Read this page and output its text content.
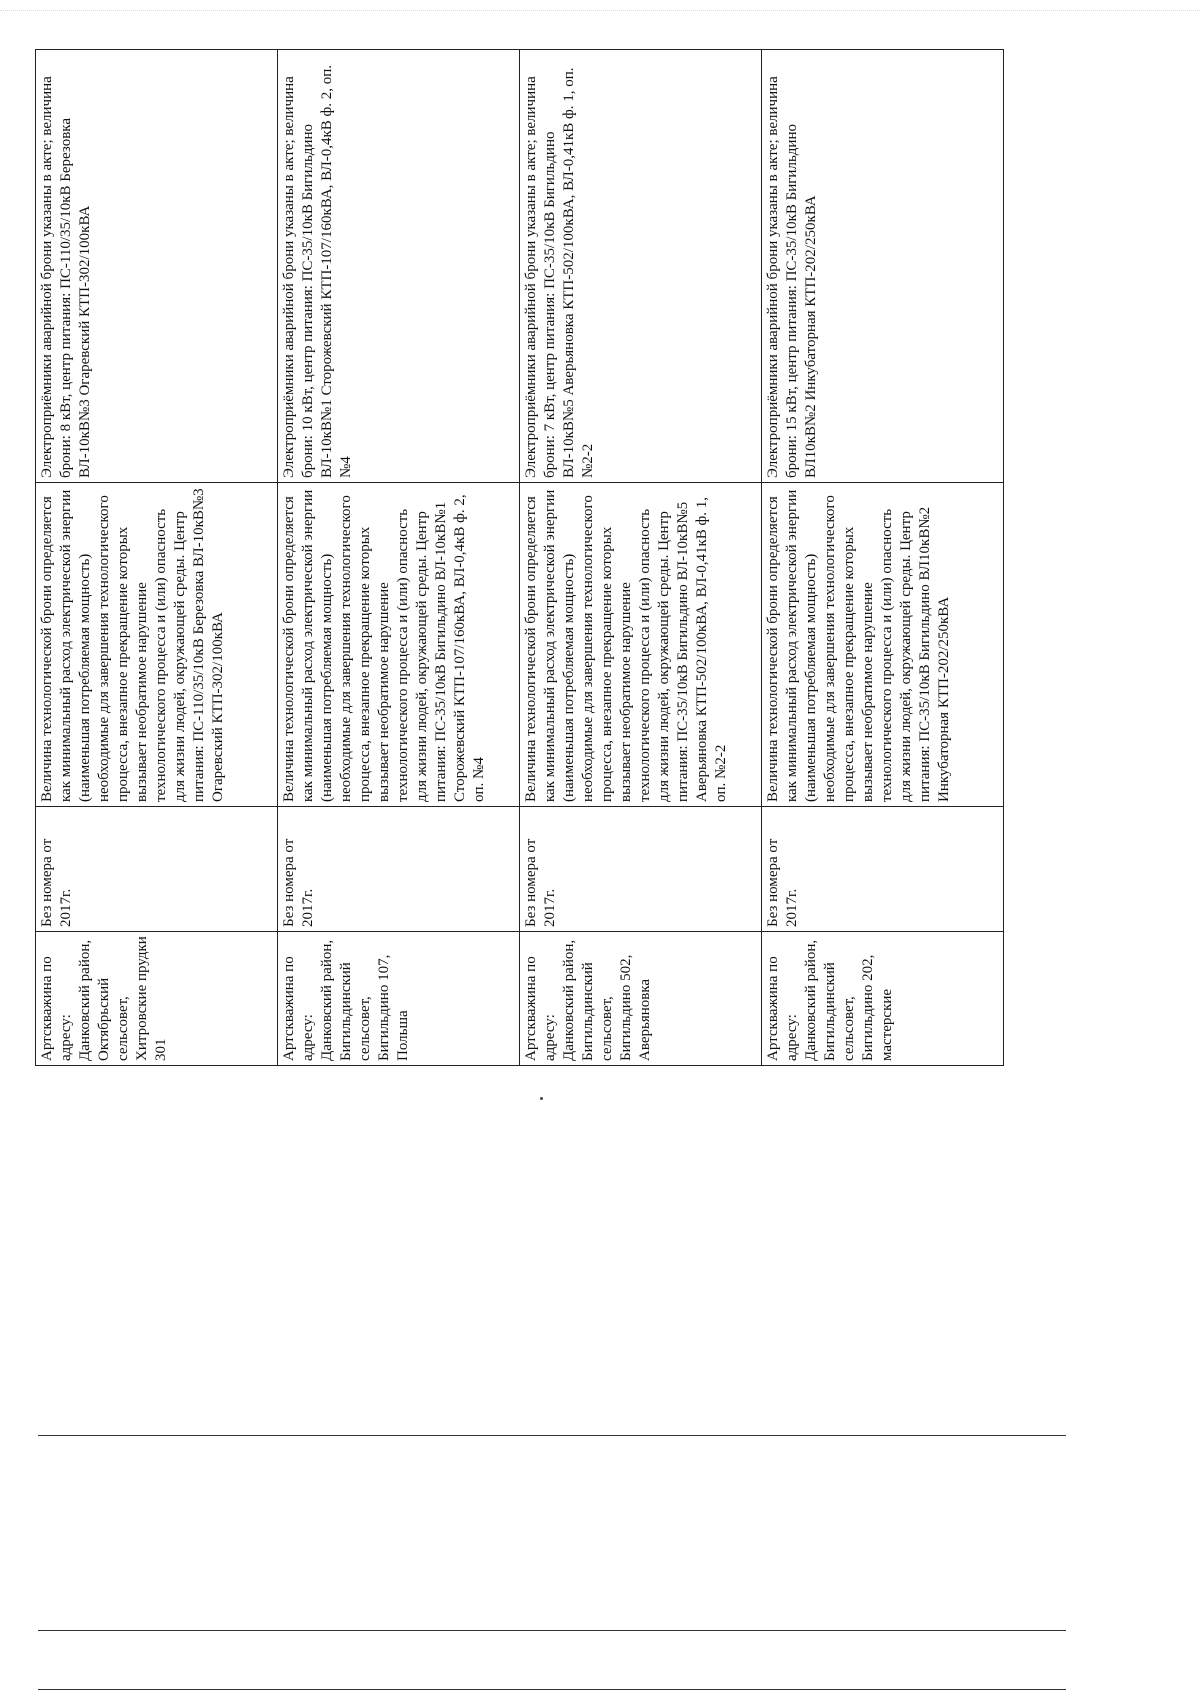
Артскважина по адресу: Данковский район, Октябрьский сельсовет, Хитровские прудки 301	Без номера от 2017г.	Величина технологической брони определяется как минимальный расход электрической энергии (наименьшая потребляемая мощность) необходимые для завершения технологического процесса, внезапное прекращение которых вызывает необратимое нарушение технологического процесса и (или) опасность для жизни людей, окружающей среды. Центр питания: ПС-110/35/10кВ Березовка ВЛ-10кВ№3 Огаревский КТП-302/100кВА	Электроприёмники аварийной брони указаны в акте; величина брони: 8 кВт, центр питания: ПС-110/35/10кВ Березовка ВЛ-10кВ№3 Огаревский КТП-302/100кВА
Артскважина по адресу: Данковский район, Бигильдинский сельсовет, Бигильдино 107, Польша	Без номера от 2017г.	Величина технологической брони определяется как минимальный расход электрической энергии (наименьшая потребляемая мощность) необходимые для завершения технологического процесса, внезапное прекращение которых вызывает необратимое нарушение технологического процесса и (или) опасность для жизни людей, окружающей среды. Центр питания: ПС-35/10кВ Бигильдино ВЛ-10кВ№1 Сторожевский КТП-107/160кВА, ВЛ-0,4кВ ф. 2, оп. №4	Электроприёмники аварийной брони указаны в акте; величина брони: 10 кВт, центр питания: ПС-35/10кВ Бигильдино ВЛ-10кВ№1 Сторожевский КТП-107/160кВА, ВЛ-0,4кВ ф. 2, оп. №4
Артскважина по адресу: Данковский район, Бигильдинский сельсовет, Бигильдино 502, Аверьяновка	Без номера от 2017г.	Величина технологической брони определяется как минимальный расход электрической энергии (наименьшая потребляемая мощность) необходимые для завершения технологического процесса, внезапное прекращение которых вызывает необратимое нарушение технологического процесса и (или) опасность для жизни людей, окружающей среды. Центр питания: ПС-35/10кВ Бигильдино ВЛ-10кВ№5 Аверьяновка КТП-502/100кВА, ВЛ-0,41кВ ф. 1, оп. №2-2	Электроприёмники аварийной брони указаны в акте; величина брони: 7 кВт, центр питания: ПС-35/10кВ Бигильдино ВЛ-10кВ№5 Аверьяновка КТП-502/100кВА, ВЛ-0,41кВ ф. 1, оп. №2-2
Артскважина по адресу: Данковский район, Бигильдинский сельсовет, Бигильдино 202, мастерские	Без номера от 2017г.	Величина технологической брони определяется как минимальный расход электрической энергии (наименьшая потребляемая мощность) необходимые для завершения технологического процесса, внезапное прекращение которых вызывает необратимое нарушение технологического процесса и (или) опасность для жизни людей, окружающей среды. Центр питания: ПС-35/10кВ Бигильдино ВЛ10кВ№2 Инкубаторная КТП-202/250кВА	Электроприёмники аварийной брони указаны в акте; величина брони: 15 кВт, центр питания: ПС-35/10кВ Бигильдино ВЛ10кВ№2 Инкубаторная КТП-202/250кВА
